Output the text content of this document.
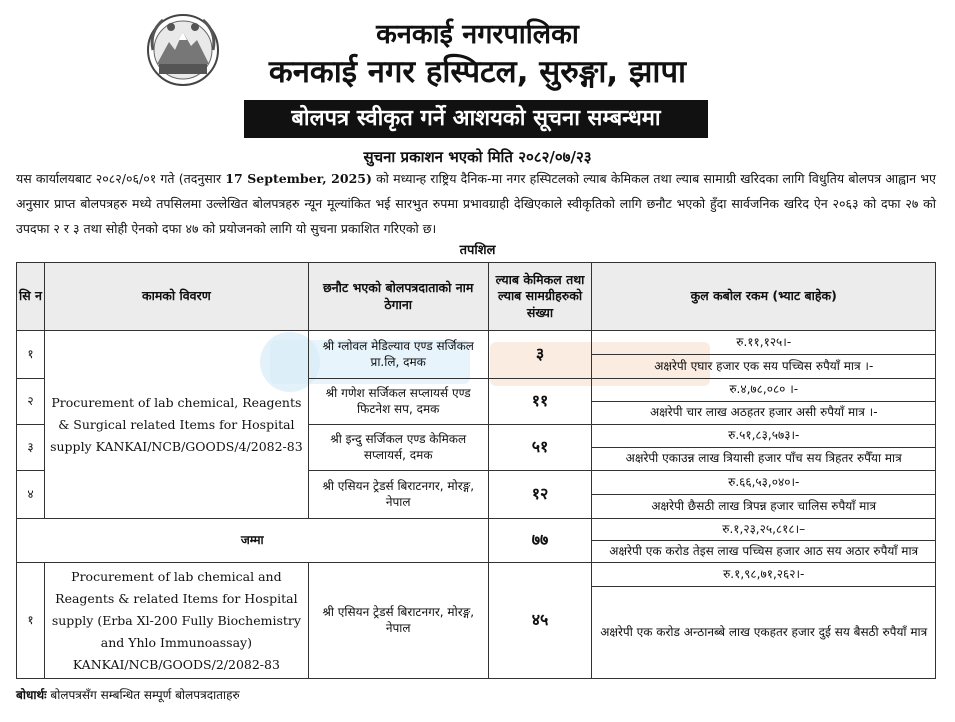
कनकाई नगरपालिका
कनकाई नगर हस्पिटल, सुरुङ्गा, झापा
बोलपत्र स्वीकृत गर्ने आशयको सूचना सम्बन्धमा
सुचना प्रकाशन भएको मिति २०८२/०७/२३
यस कार्यालयबाट २०८२/०६/०१ गते (तदनुसार 17 September, 2025) को मध्यान्ह राष्ट्रिय दैनिक-मा नगर हस्पिटलको ल्याब केमिकल तथा ल्याब सामाग्री खरिदका लागि विधुतिय बोलपत्र आह्वान भए अनुसार प्राप्त बोलपत्रहरु मध्ये तपसिलमा उल्लेखित बोलपत्रहरु न्यून मूल्यांकित भई सारभुत रुपमा प्रभावग्राही देखिएकाले स्वीकृतिको लागि छनौट भएको हुँदा सार्वजनिक खरिद ऐन २०६३ को दफा २७ को उपदफा २ र ३ तथा सोही ऐनको दफा ४७ को प्रयोजनको लागि यो सुचना प्रकाशित गरिएको छ।
तपशिल
सि न	कामको विवरण	छनौट भएको बोलपत्रदाताको नाम ठेगाना	ल्याब केमिकल तथा ल्याब सामग्रीहरुको संख्या	कुल कबोल रकम (भ्याट बाहेक)
१	Procurement of lab chemical, Reagents & Surgical related Items for Hospital supply KANKAI/NCB/GOODS/4/2082-83	श्री ग्लोवल मेडिल्याव एण्ड सर्जिकल प्रा.लि, दमक	३	रु.११,१२५।-
				अक्षरेपी एघार हजार एक सय पच्चिस रुपैयाँ मात्र ।-
२		श्री गणेश सर्जिकल सप्लायर्स एण्ड फिटनेश सप, दमक	११	रु.४,७८,०८० ।-
				अक्षरेपी चार लाख अठहतर हजार असी रुपैयाँ मात्र ।-
३		श्री इन्दु सर्जिकल एण्ड केमिकल सप्लायर्स, दमक	५१	रु.५१,८३,५७३।-
				अक्षरेपी एकाउन्न लाख त्रियासी हजार पाँच सय त्रिहतर रुपैँया मात्र
४		श्री एसियन ट्रेडर्स बिराटनगर, मोरङ्ग, नेपाल	१२	रु.६६,५३,०४०।-
				अक्षरेपी छैसठी लाख त्रिपन्न हजार चालिस रुपैयाँ मात्र
जम्मा			७७	रु.१,२३,२५,८१८।–
				अक्षरेपी एक करोड तेइस लाख पच्चिस हजार आठ सय अठार रुपैयाँ मात्र
१	Procurement of lab chemical and Reagents & related Items for Hospital supply (Erba Xl-200 Fully Biochemistry and Yhlo Immunoassay) KANKAI/NCB/GOODS/2/2082-83	श्री एसियन ट्रेडर्स बिराटनगर, मोरङ्ग, नेपाल	४५	रु.१,९८,७१,२६२।-
				अक्षरेपी एक करोड अन्ठानब्बे लाख एकहतर हजार दुई सय बैसठी रुपैयाँ मात्र
बोधार्थः बोलपत्रसँग सम्बन्धित सम्पूर्ण बोलपत्रदाताहरु
